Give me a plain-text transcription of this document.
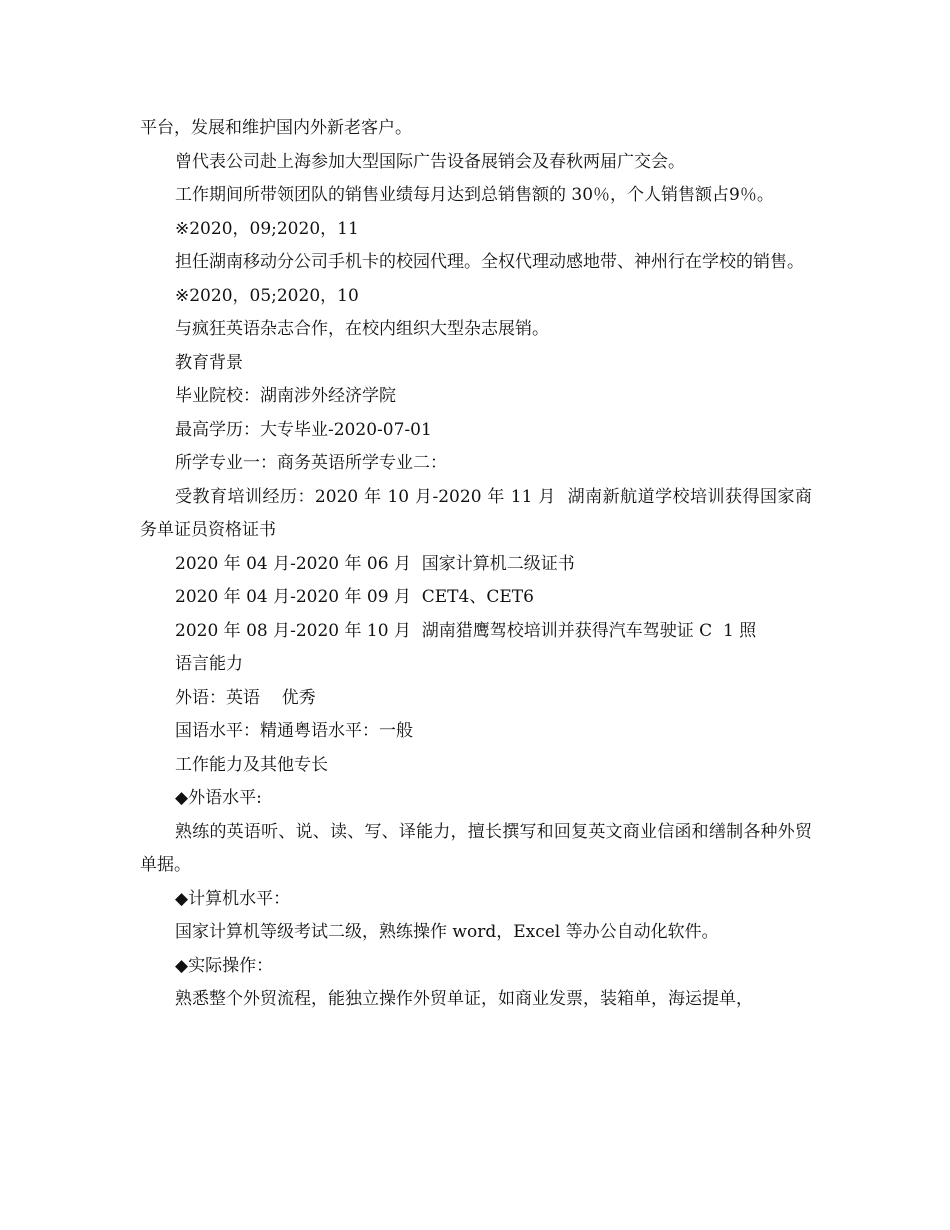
平台，发展和维护国内外新老客户。

曾代表公司赴上海参加大型国际广告设备展销会及春秋两届广交会。

工作期间所带领团队的销售业绩每月达到总销售额的 30％，个人销售额占9％。

※2020，09;2020，11

担任湖南移动分公司手机卡的校园代理。全权代理动感地带、神州行在学校的销售。

※2020，05;2020，10

与疯狂英语杂志合作，在校内组织大型杂志展销。

教育背景

毕业院校：湖南涉外经济学院

最高学历：大专毕业-2020-07-01

所学专业一：商务英语所学专业二：

受教育培训经历：2020 年 10 月-2020 年 11 月  湖南新航道学校培训获得国家商务单证员资格证书

2020 年 04 月-2020 年 06 月  国家计算机二级证书

2020 年 04 月-2020 年 09 月  CET4、CET6

2020 年 08 月-2020 年 10 月  湖南猎鹰驾校培训并获得汽车驾驶证 C  1 照

语言能力

外语：英语    优秀

国语水平：精通粤语水平：一般

工作能力及其他专长

◆外语水平:

熟练的英语听、说、读、写、译能力，擅长撰写和回复英文商业信函和缮制各种外贸单据。

◆计算机水平：

国家计算机等级考试二级，熟练操作 word，Excel 等办公自动化软件。

◆实际操作：

熟悉整个外贸流程，能独立操作外贸单证，如商业发票，装箱单，海运提单，
